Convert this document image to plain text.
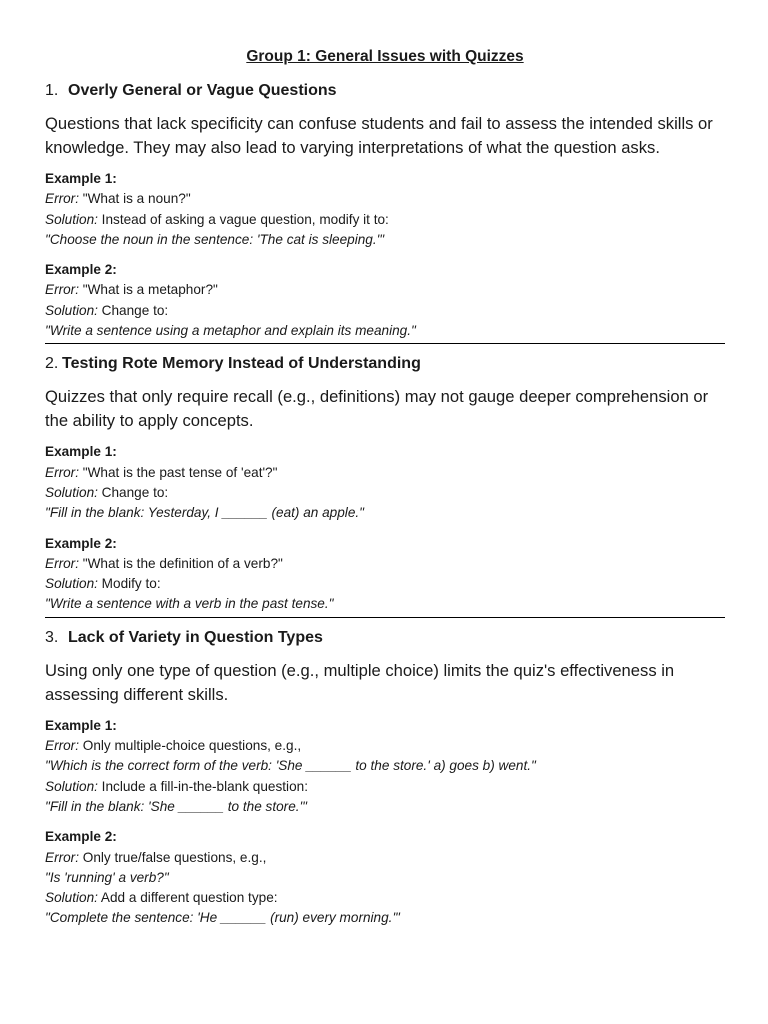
Group 1: General Issues with Quizzes
1. Overly General or Vague Questions
Questions that lack specificity can confuse students and fail to assess the intended skills or knowledge. They may also lead to varying interpretations of what the question asks.
Example 1:
Error: "What is a noun?"
Solution: Instead of asking a vague question, modify it to:
"Choose the noun in the sentence: 'The cat is sleeping.'"
Example 2:
Error: "What is a metaphor?"
Solution: Change to:
"Write a sentence using a metaphor and explain its meaning."
2. Testing Rote Memory Instead of Understanding
Quizzes that only require recall (e.g., definitions) may not gauge deeper comprehension or the ability to apply concepts.
Example 1:
Error: "What is the past tense of 'eat'?"
Solution: Change to:
"Fill in the blank: Yesterday, I ______ (eat) an apple."
Example 2:
Error: "What is the definition of a verb?"
Solution: Modify to:
"Write a sentence with a verb in the past tense."
3. Lack of Variety in Question Types
Using only one type of question (e.g., multiple choice) limits the quiz's effectiveness in assessing different skills.
Example 1:
Error: Only multiple-choice questions, e.g.,
"Which is the correct form of the verb: 'She ______ to the store.' a) goes b) went."
Solution: Include a fill-in-the-blank question:
"Fill in the blank: 'She ______ to the store.'"
Example 2:
Error: Only true/false questions, e.g.,
"Is 'running' a verb?"
Solution: Add a different question type:
"Complete the sentence: 'He ______ (run) every morning.'"
